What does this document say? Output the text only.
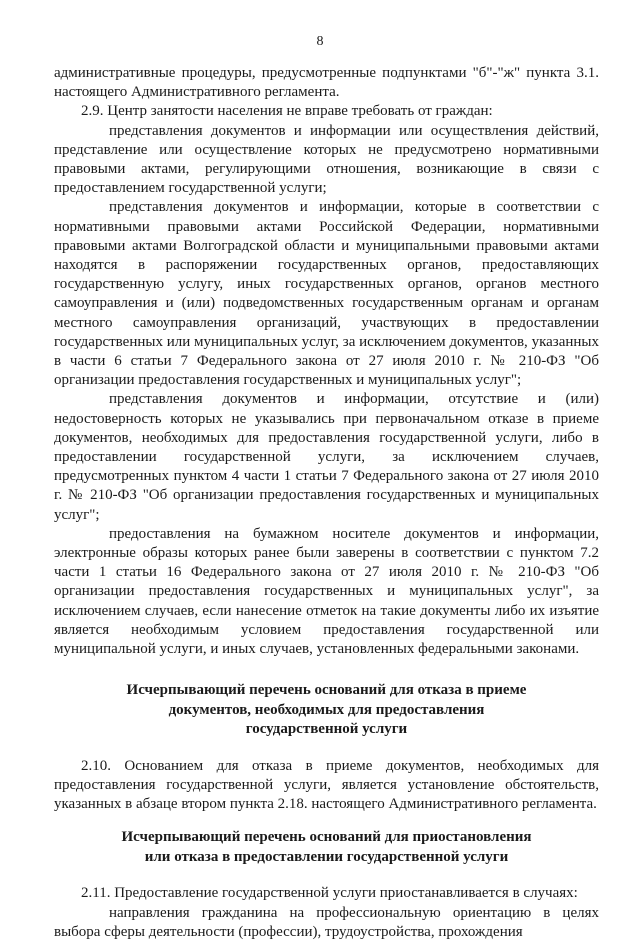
8

административные процедуры, предусмотренные подпунктами "б"-"ж" пункта 3.1. настоящего Административного регламента.

2.9. Центр занятости населения не вправе требовать от граждан:

представления документов и информации или осуществления действий, представление или осуществление которых не предусмотрено нормативными правовыми актами, регулирующими отношения, возникающие в связи с предоставлением государственной услуги;

представления документов и информации, которые в соответствии с нормативными правовыми актами Российской Федерации, нормативными правовыми актами Волгоградской области и муниципальными правовыми актами находятся в распоряжении государственных органов, предоставляющих государственную услугу, иных государственных органов, органов местного самоуправления и (или) подведомственных государственным органам и органам местного самоуправления организаций, участвующих в предоставлении государственных или муниципальных услуг, за исключением документов, указанных в части 6 статьи 7 Федерального закона от 27 июля 2010 г. № 210-ФЗ "Об организации предоставления государственных и муниципальных услуг";

представления документов и информации, отсутствие и (или) недостоверность которых не указывались при первоначальном отказе в приеме документов, необходимых для предоставления государственной услуги, либо в предоставлении государственной услуги, за исключением случаев, предусмотренных пунктом 4 части 1 статьи 7 Федерального закона от 27 июля 2010 г. № 210-ФЗ "Об организации предоставления государственных и муниципальных услуг";

предоставления на бумажном носителе документов и информации, электронные образы которых ранее были заверены в соответствии с пунктом 7.2 части 1 статьи 16 Федерального закона от 27 июля 2010 г. № 210-ФЗ "Об организации предоставления государственных и муниципальных услуг", за исключением случаев, если нанесение отметок на такие документы либо их изъятие является необходимым условием предоставления государственной или муниципальной услуги, и иных случаев, установленных федеральными законами.

Исчерпывающий перечень оснований для отказа в приеме

документов, необходимых для предоставления

государственной услуги

2.10. Основанием для отказа в приеме документов, необходимых для предоставления государственной услуги, является установление обстоятельств, указанных в абзаце втором пункта 2.18. настоящего Административного регламента.

Исчерпывающий перечень оснований для приостановления

или отказа в предоставлении государственной услуги

2.11. Предоставление государственной услуги приостанавливается в случаях:

направления гражданина на профессиональную ориентацию в целях выбора сферы деятельности (профессии), трудоустройства, прохождения
